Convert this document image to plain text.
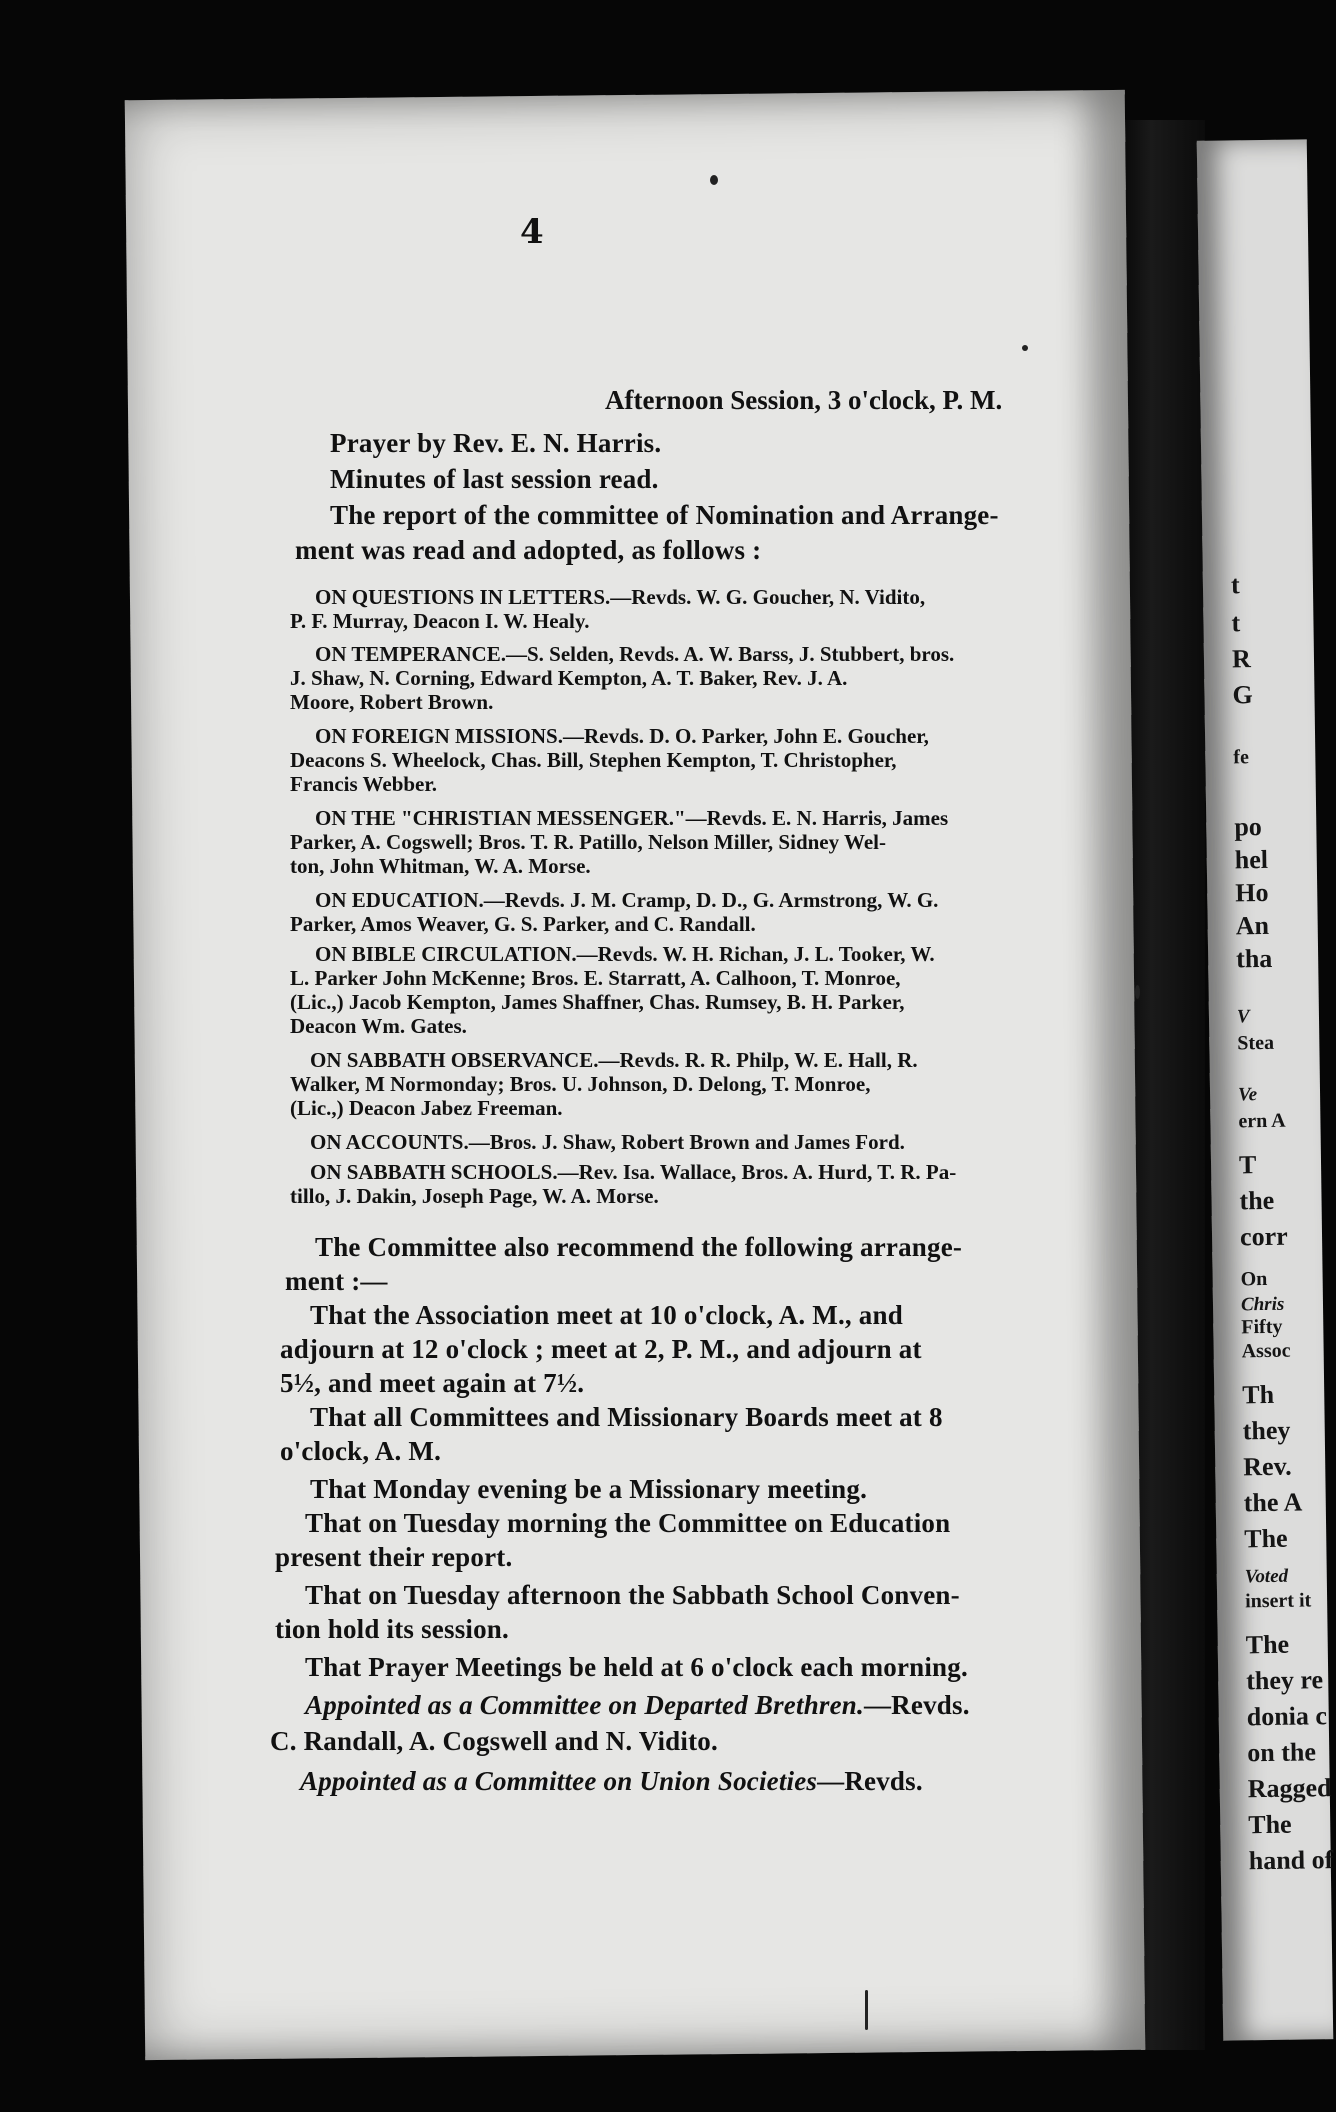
t
t
R
G
fe
po
hel
Ho
An
tha
V
Stea
Ve
ern A
T
the
corr
On
Chris
Fifty
Assoc
Th
they
Rev.
the A
The
Voted
insert it
The
they re
donia c
on the
Ragged
The
hand of
4
Afternoon Session, 3 o'clock, P. M.
Prayer by Rev. E. N. Harris.
Minutes of last session read.
The report of the committee of Nomination and Arrange-
ment was read and adopted, as follows :
ON QUESTIONS IN LETTERS.—Revds. W. G. Goucher, N. Vidito,
P. F. Murray, Deacon I. W. Healy.
ON TEMPERANCE.—S. Selden, Revds. A. W. Barss, J. Stubbert, bros.
J. Shaw, N. Corning, Edward Kempton, A. T. Baker, Rev. J. A.
Moore, Robert Brown.
ON FOREIGN MISSIONS.—Revds. D. O. Parker, John E. Goucher,
Deacons S. Wheelock, Chas. Bill, Stephen Kempton, T. Christopher,
Francis Webber.
ON THE "CHRISTIAN MESSENGER."—Revds. E. N. Harris, James
Parker, A. Cogswell; Bros. T. R. Patillo, Nelson Miller, Sidney Wel-
ton, John Whitman, W. A. Morse.
ON EDUCATION.—Revds. J. M. Cramp, D. D., G. Armstrong, W. G.
Parker, Amos Weaver, G. S. Parker, and C. Randall.
ON BIBLE CIRCULATION.—Revds. W. H. Richan, J. L. Tooker, W.
L. Parker John McKenne; Bros. E. Starratt, A. Calhoon, T. Monroe,
(Lic.,) Jacob Kempton, James Shaffner, Chas. Rumsey, B. H. Parker,
Deacon Wm. Gates.
ON SABBATH OBSERVANCE.—Revds. R. R. Philp, W. E. Hall, R.
Walker, M Normonday; Bros. U. Johnson, D. Delong, T. Monroe,
(Lic.,) Deacon Jabez Freeman.
ON ACCOUNTS.—Bros. J. Shaw, Robert Brown and James Ford.
ON SABBATH SCHOOLS.—Rev. Isa. Wallace, Bros. A. Hurd, T. R. Pa-
tillo, J. Dakin, Joseph Page, W. A. Morse.
The Committee also recommend the following arrange-
ment :—
That the Association meet at 10 o'clock, A. M., and
adjourn at 12 o'clock ; meet at 2, P. M., and adjourn at
5½, and meet again at 7½.
That all Committees and Missionary Boards meet at 8
o'clock, A. M.
That Monday evening be a Missionary meeting.
That on Tuesday morning the Committee on Education
present their report.
That on Tuesday afternoon the Sabbath School Conven-
tion hold its session.
That Prayer Meetings be held at 6 o'clock each morning.
Appointed as a Committee on Departed Brethren.—Revds.
C. Randall, A. Cogswell and N. Vidito.
Appointed as a Committee on Union Societies—Revds.
